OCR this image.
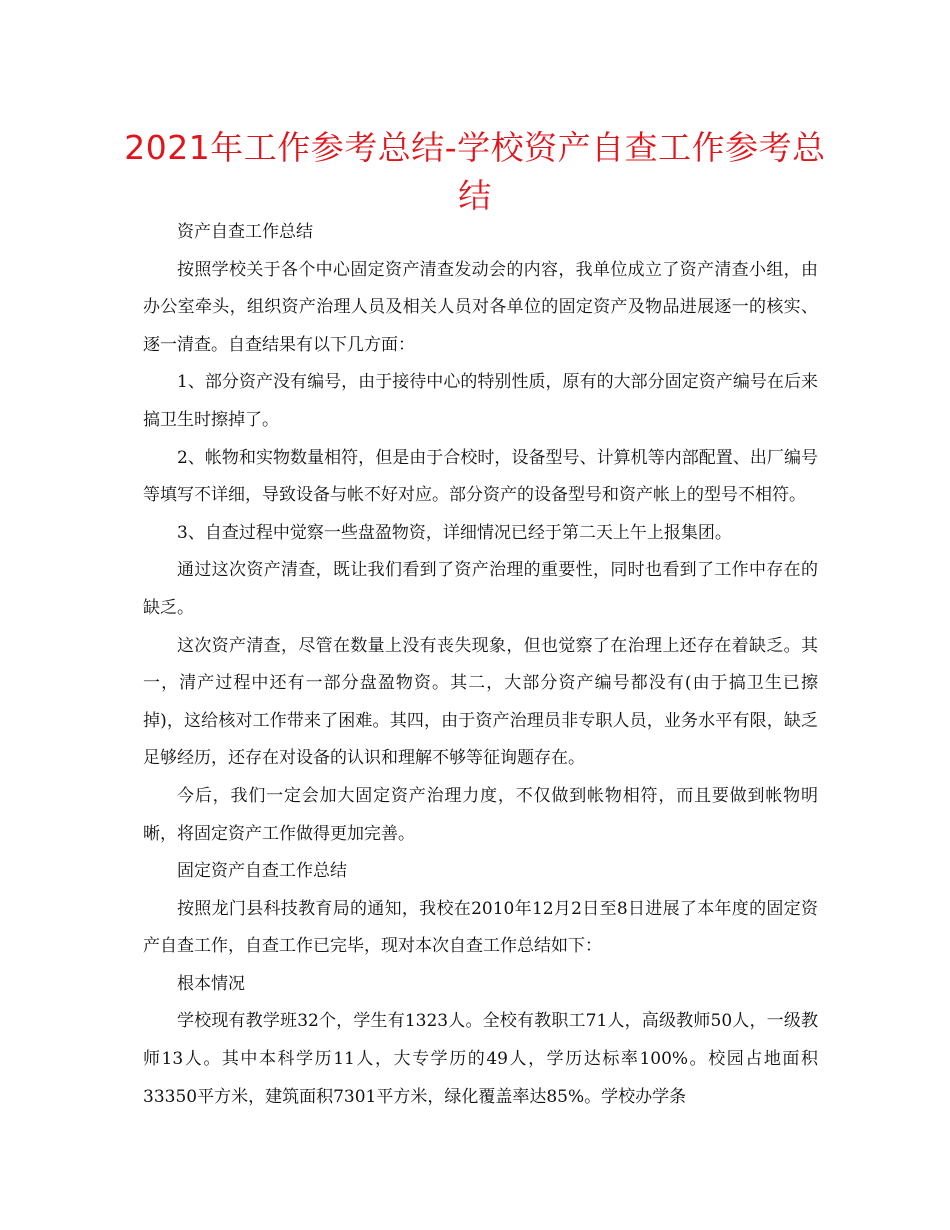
2021年工作参考总结-学校资产自查工作参考总
结

资产自查工作总结

按照学校关于各个中心固定资产清查发动会的内容，我单位成立了资产清查小组，由办公室牵头，组织资产治理人员及相关人员对各单位的固定资产及物品进展逐一的核实、逐一清查。自查结果有以下几方面：

1、部分资产没有编号，由于接待中心的特别性质，原有的大部分固定资产编号在后来搞卫生时擦掉了。

2、帐物和实物数量相符，但是由于合校时，设备型号、计算机等内部配置、出厂编号等填写不详细，导致设备与帐不好对应。部分资产的设备型号和资产帐上的型号不相符。

3、自查过程中觉察一些盘盈物资，详细情况已经于第二天上午上报集团。

通过这次资产清查，既让我们看到了资产治理的重要性，同时也看到了工作中存在的缺乏。

这次资产清查，尽管在数量上没有丧失现象，但也觉察了在治理上还存在着缺乏。其一，清产过程中还有一部分盘盈物资。其二，大部分资产编号都没有(由于搞卫生已擦掉)，这给核对工作带来了困难。其四，由于资产治理员非专职人员，业务水平有限，缺乏足够经历，还存在对设备的认识和理解不够等征询题存在。

今后，我们一定会加大固定资产治理力度，不仅做到帐物相符，而且要做到帐物明晰，将固定资产工作做得更加完善。

固定资产自查工作总结

按照龙门县科技教育局的通知，我校在2010年12月2日至8日进展了本年度的固定资产自查工作，自查工作已完毕，现对本次自查工作总结如下：

根本情况

学校现有教学班32个，学生有1323人。全校有教职工71人，高级教师50人，一级教师13人。其中本科学历11人，大专学历的49人，学历达标率100%。校园占地面积33350平方米，建筑面积7301平方米，绿化覆盖率达85%。学校办学条
